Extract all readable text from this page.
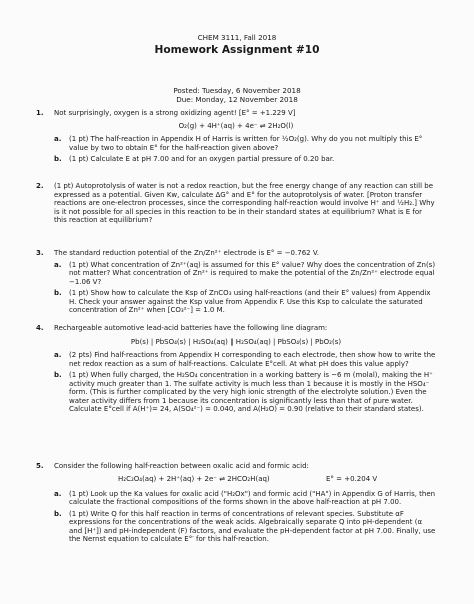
CHEM 3111, Fall 2018
Homework Assignment #10
Posted: Tuesday, 6 November 2018
Due: Monday, 12 November 2018
1. Not surprisingly, oxygen is a strong oxidizing agent! [E° = +1.229 V]
O₂(g) + 4H⁺(aq) + 4e⁻ ⇌ 2H₂O(l)
a. (1 pt) The half-reaction in Appendix H of Harris is written for ½O₂(g). Why do you not multiply this E° value by two to obtain E° for the half-reaction given above?
b. (1 pt) Calculate E at pH 7.00 and for an oxygen partial pressure of 0.20 bar.
2. (1 pt) Autoprotolysis of water is not a redox reaction, but the free energy change of any reaction can still be expressed as a potential. Given Kw, calculate ΔG° and E° for the autoprotolysis of water. [Proton transfer reactions are one-electron processes, since the corresponding half-reaction would involve H⁺ and ½H₂.] Why is it not possible for all species in this reaction to be in their standard states at equilibrium? What is E for this reaction at equilibrium?
3. The standard reduction potential of the Zn/Zn²⁺ electrode is E° = −0.762 V.
a. (1 pt) What concentration of Zn²⁺(aq) is assumed for this E° value? Why does the concentration of Zn(s) not matter? What concentration of Zn²⁺ is required to make the potential of the Zn/Zn²⁺ electrode equal −1.06 V?
b. (1 pt) Show how to calculate the Ksp of ZnCO₃ using half-reactions (and their E° values) from Appendix H. Check your answer against the Ksp value from Appendix F. Use this Ksp to calculate the saturated concentration of Zn²⁺ when [CO₃²⁻] = 1.0 M.
4. Rechargeable automotive lead-acid batteries have the following line diagram:
Pb(s) | PbSO₄(s) | H₂SO₄(aq) ‖ H₂SO₄(aq) | PbSO₄(s) | PbO₂(s)
a. (2 pts) Find half-reactions from Appendix H corresponding to each electrode, then show how to write the net redox reaction as a sum of half-reactions. Calculate E°cell. At what pH does this value apply?
b. (1 pt) When fully charged, the H₂SO₄ concentration in a working battery is ~6 m (molal), making the H⁺ activity much greater than 1. The sulfate activity is much less than 1 because it is mostly in the HSO₄⁻ form. (This is further complicated by the very high ionic strength of the electrolyte solution.) Even the water activity differs from 1 because its concentration is significantly less than that of pure water. Calculate E°cell if A(H⁺)= 24, A(SO₄²⁻) = 0.040, and A(H₂O) = 0.90 (relative to their standard states).
5. Consider the following half-reaction between oxalic acid and formic acid:
H₂C₂O₄(aq) + 2H⁺(aq) + 2e⁻ ⇌ 2HCO₂H(aq)	E° = +0.204 V
a. (1 pt) Look up the Ka values for oxalic acid ("H₂Ox") and formic acid ("HA") in Appendix G of Harris, then calculate the fractional compositions of the forms shown in the above half-reaction at pH 7.00.
b. (1 pt) Write Q for this half reaction in terms of concentrations of relevant species. Substitute αF expressions for the concentrations of the weak acids. Algebraically separate Q into pH-dependent (α and [H⁺]) and pH-independent (F) factors, and evaluate the pH-dependent factor at pH 7.00. Finally, use the Nernst equation to calculate E°′ for this half-reaction.
